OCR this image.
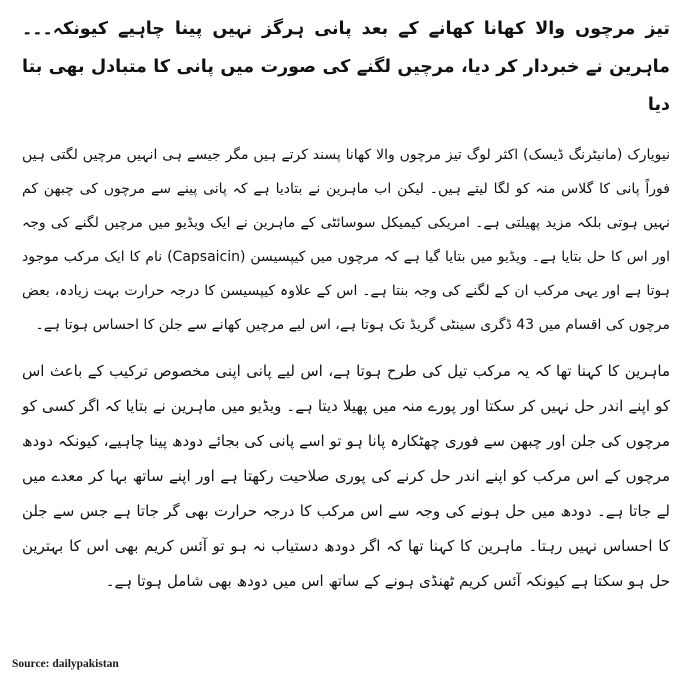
تیز مرچوں والا کھانا کھانے کے بعد پانی ہرگز نہیں پینا چاہیے کیونکہ۔۔۔ ماہرین نے خبردار کر دیا، مرچیں لگنے کی صورت میں پانی کا متبادل بھی بتا دیا

نیویارک (مانیٹرنگ ڈیسک) اکثر لوگ تیز مرچوں والا کھانا پسند کرتے ہیں مگر جیسے ہی انہیں مرچیں لگتی ہیں فوراً پانی کا گلاس منہ کو لگا لیتے ہیں۔ لیکن اب ماہرین نے بتادیا ہے کہ پانی پینے سے مرچوں کی چبھن کم نہیں ہوتی بلکہ مزید پھیلتی ہے۔ امریکی کیمیکل سوسائٹی کے ماہرین نے ایک ویڈیو میں مرچیں لگنے کی وجہ اور اس کا حل بتایا ہے۔ ویڈیو میں بتایا گیا ہے کہ مرچوں میں کیپسیسن (Capsaicin) نام کا ایک مرکب موجود ہوتا ہے اور یہی مرکب ان کے لگنے کی وجہ بنتا ہے۔ اس کے علاوہ کیپسیسن کا درجہ حرارت بہت زیادہ، بعض مرچوں کی اقسام میں 43 ڈگری سینٹی گریڈ تک ہوتا ہے، اس لیے مرچیں کھانے سے جلن کا احساس ہوتا ہے۔

ماہرین کا کہنا تھا کہ یہ مرکب تیل کی طرح ہوتا ہے، اس لیے پانی اپنی مخصوص ترکیب کے باعث اس کو اپنے اندر حل نہیں کر سکتا اور پورے منہ میں پھیلا دیتا ہے۔ ویڈیو میں ماہرین نے بتایا کہ اگر کسی کو مرچوں کی جلن اور چبھن سے فوری چھٹکارہ پانا ہو تو اسے پانی کی بجائے دودھ پینا چاہیے، کیونکہ دودھ مرچوں کے اس مرکب کو اپنے اندر حل کرنے کی پوری صلاحیت رکھتا ہے اور اپنے ساتھ بہا کر معدے میں لے جاتا ہے۔ دودھ میں حل ہونے کی وجہ سے اس مرکب کا درجہ حرارت بھی گر جاتا ہے جس سے جلن کا احساس نہیں رہتا۔ ماہرین کا کہنا تھا کہ اگر دودھ دستیاب نہ ہو تو آئس کریم بھی اس کا بہترین حل ہو سکتا ہے کیونکہ آئس کریم ٹھنڈی ہونے کے ساتھ اس میں دودھ بھی شامل ہوتا ہے۔

Source: dailypakistan
